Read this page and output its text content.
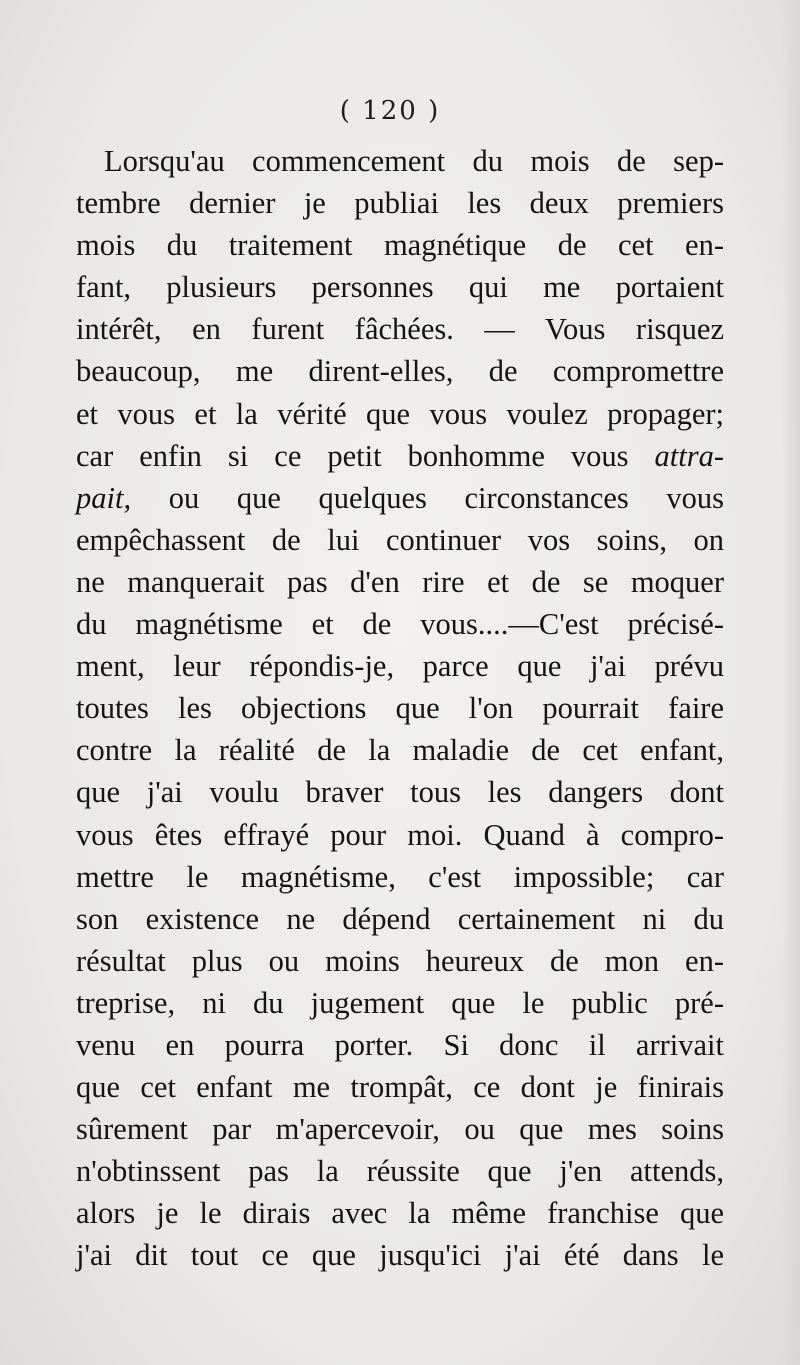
( 120 )
Lorsqu'au commencement du mois de sep-
tembre dernier je publiai les deux premiers
mois du traitement magnétique de cet en-
fant, plusieurs personnes qui me portaient
intérêt, en furent fâchées. — Vous risquez
beaucoup, me dirent-elles, de compromettre
et vous et la vérité que vous voulez propager;
car enfin si ce petit bonhomme vous attra-
pait, ou que quelques circonstances vous
empêchassent de lui continuer vos soins, on
ne manquerait pas d'en rire et de se moquer
du magnétisme et de vous....—C'est précisé-
ment, leur répondis-je, parce que j'ai prévu
toutes les objections que l'on pourrait faire
contre la réalité de la maladie de cet enfant,
que j'ai voulu braver tous les dangers dont
vous êtes effrayé pour moi. Quand à compro-
mettre le magnétisme, c'est impossible; car
son existence ne dépend certainement ni du
résultat plus ou moins heureux de mon en-
treprise, ni du jugement que le public pré-
venu en pourra porter. Si donc il arrivait
que cet enfant me trompât, ce dont je finirais
sûrement par m'apercevoir, ou que mes soins
n'obtinssent pas la réussite que j'en attends,
alors je le dirais avec la même franchise que
j'ai dit tout ce que jusqu'ici j'ai été dans le
